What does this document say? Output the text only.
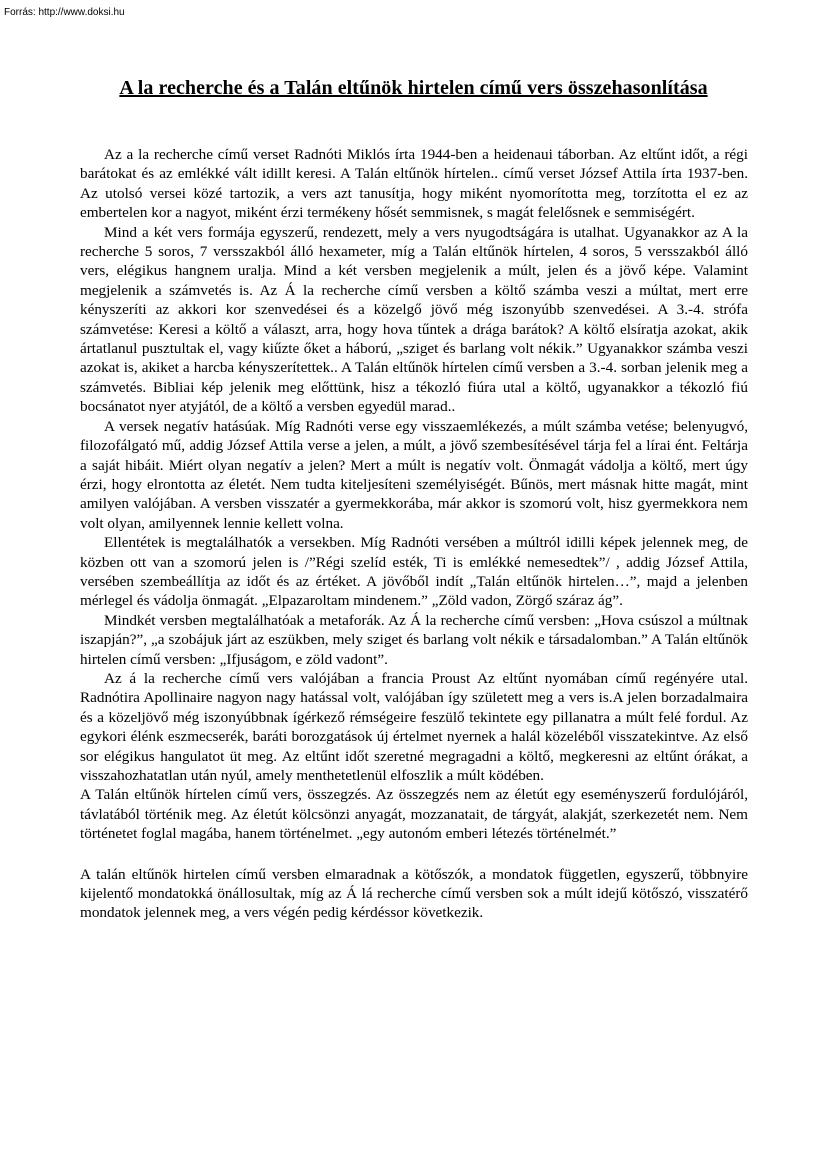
Forrás: http://www.doksi.hu
A la recherche és a Talán eltűnök hirtelen című vers összehasonlítása

Az a la recherche című verset Radnóti Miklós írta 1944-ben a heidenaui táborban. Az eltűnt időt, a régi barátokat és az emlékké vált idillt keresi. A Talán eltűnök hírtelen.. című verset József Attila írta 1937-ben. Az utolsó versei közé tartozik, a vers azt tanusítja, hogy miként nyomorította meg, torzította el ez az embertelen kor a nagyot, miként érzi termékeny hősét semmisnek, s magát felelősnek e semmiségért.

Mind a két vers formája egyszerű, rendezett, mely a vers nyugodtságára is utalhat. Ugyanakkor az A la recherche 5 soros, 7 versszakból álló hexameter, míg a Talán eltűnök hírtelen, 4 soros, 5 versszakból álló vers, elégikus hangnem uralja. Mind a két versben megjelenik a múlt, jelen és a jövő képe. Valamint megjelenik a számvetés is. Az Á la recherche című versben a költő számba veszi a múltat, mert erre kényszeríti az akkori kor szenvedései és a közelgő jövő még iszonyúbb szenvedései. A 3.-4. strófa számvetése: Keresi a költő a választ, arra, hogy hova tűntek a drága barátok? A költő elsíratja azokat, akik ártatlanul pusztultak el, vagy kiűzte őket a háború, „sziget és barlang volt nékik.” Ugyanakkor számba veszi azokat is, akiket a harcba kényszerítettek.. A Talán eltűnök hírtelen című versben a 3.-4. sorban jelenik meg a számvetés. Bibliai kép jelenik meg előttünk, hisz a tékozló fiúra utal a költő, ugyanakkor a tékozló fiú bocsánatot nyer atyjától, de a költő a versben egyedül marad..

A versek negatív hatásúak. Míg Radnóti verse egy visszaemlékezés, a múlt számba vetése; belenyugvó, filozofálgató mű, addig József Attila verse a jelen, a múlt, a jövő szembesítésével tárja fel a lírai ént. Feltárja a saját hibáit. Miért olyan negatív a jelen? Mert a múlt is negatív volt. Önmagát vádolja a költő, mert úgy érzi, hogy elrontotta az életét. Nem tudta kiteljesíteni személyiségét. Bűnös, mert másnak hitte magát, mint amilyen valójában. A versben visszatér a gyermekkorába, már akkor is szomorú volt, hisz gyermekkora nem volt olyan, amilyennek lennie kellett volna.

Ellentétek is megtalálhatók a versekben. Míg Radnóti versében a múltról idilli képek jelennek meg, de közben ott van a szomorú jelen is /”Régi szelíd esték, Ti is emlékké nemesedtek”/ , addig József Attila, versében szembeállítja az időt és az értéket. A jövőből indít „Talán eltűnök hirtelen…”, majd a jelenben mérlegel és vádolja önmagát. „Elpazaroltam mindenem.” „Zöld vadon, Zörgő száraz ág”.

Mindkét versben megtalálhatóak a metaforák. Az Á la recherche című versben: „Hova csúszol a múltnak iszapján?”, „a szobájuk járt az eszükben, mely sziget és barlang volt nékik e társadalomban.” A Talán eltűnök hirtelen című versben: „Ifjuságom, e zöld vadont”.

Az á la recherche című vers valójában a francia Proust Az eltűnt nyomában című regényére utal. Radnótira Apollinaire nagyon nagy hatással volt, valójában így született meg a vers is.A jelen borzadalmaira és a közeljövő még iszonyúbbnak ígérkező rémségeire feszülő tekintete egy pillanatra a múlt felé fordul. Az egykori élénk eszmecserék, baráti borozgatások új értelmet nyernek a halál közeléből visszatekintve. Az első sor elégikus hangulatot üt meg. Az eltűnt időt szeretné megragadni a költő, megkeresni az eltűnt órákat, a visszahozhatatlan után nyúl, amely menthetetlenül elfoszlik a múlt ködében.

A Talán eltűnök hírtelen című vers, összegzés. Az összegzés nem az életút egy eseményszerű fordulójáról, távlatából történik meg. Az életút kölcsönzi anyagát, mozzanatait, de tárgyát, alakját, szerkezetét nem. Nem történetet foglal magába, hanem történelmet. „egy autonóm emberi létezés történelmét.”

A talán eltűnök hirtelen című versben elmaradnak a kötőszók, a mondatok független, egyszerű, többnyire kijelentő mondatokká önállosultak, míg az Á lá recherche című versben sok a múlt idejű kötőszó, visszatérő mondatok jelennek meg, a vers végén pedig kérdéssor következik.
